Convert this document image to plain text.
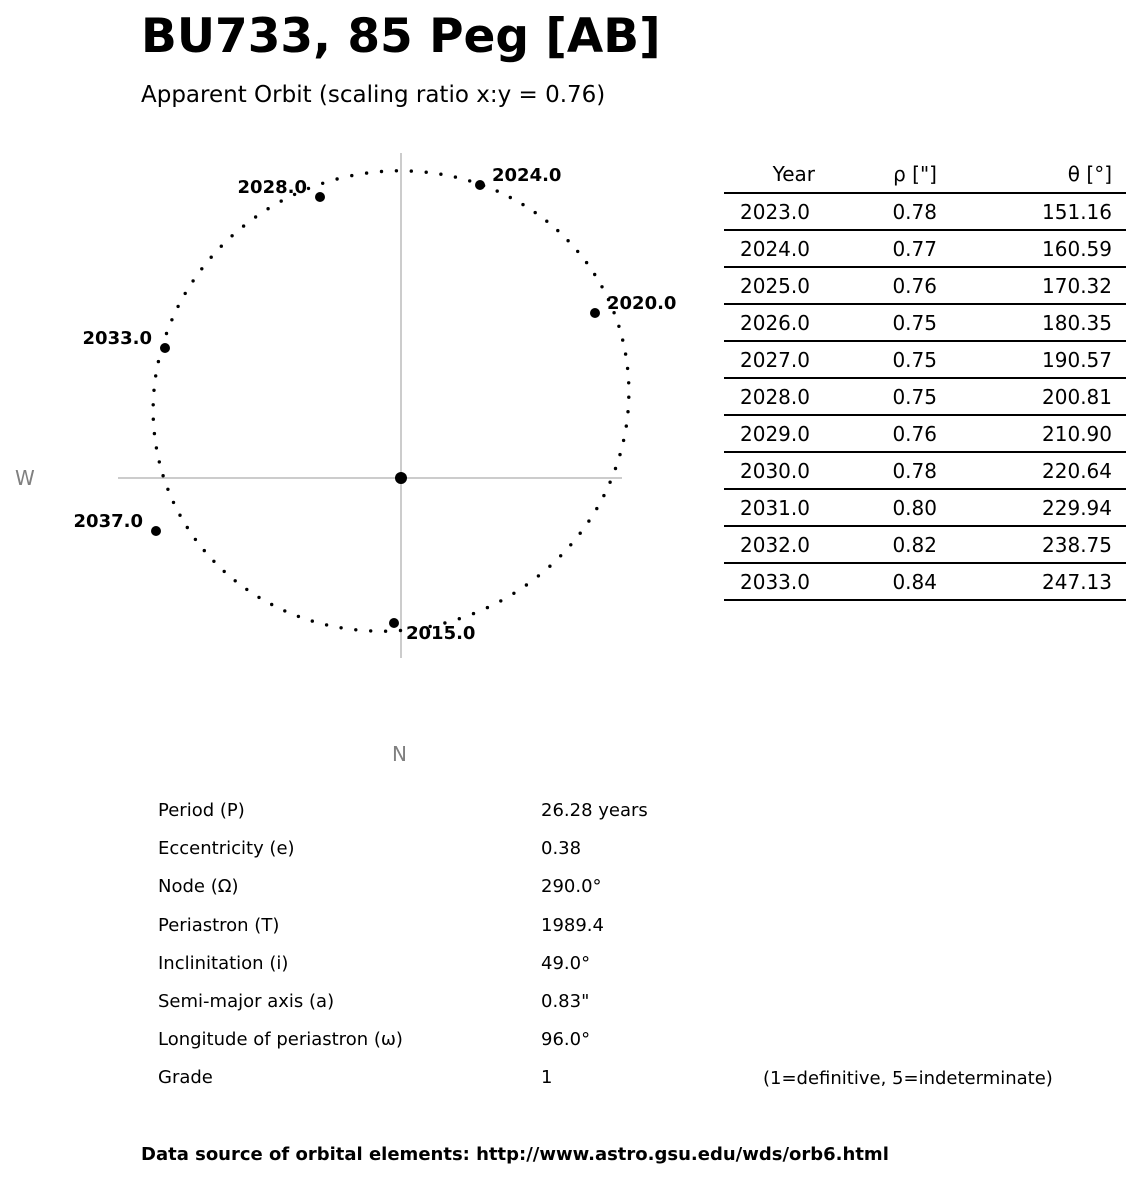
BU733, 85 Peg [AB]
Apparent Orbit (scaling ratio x:y = 0.76)
2015.0
2020.0
2024.0
2028.0
2033.0
2037.0
W
N
Year	ρ ["]	θ [°]
2023.0	0.78	151.16
2024.0	0.77	160.59
2025.0	0.76	170.32
2026.0	0.75	180.35
2027.0	0.75	190.57
2028.0	0.75	200.81
2029.0	0.76	210.90
2030.0	0.78	220.64
2031.0	0.80	229.94
2032.0	0.82	238.75
2033.0	0.84	247.13
Period (P)	26.28 years
Eccentricity (e)	0.38
Node (Ω)	290.0°
Periastron (T)	1989.4
Inclinitation (i)	49.0°
Semi-major axis (a)	0.83"
Longitude of periastron (ω)	96.0°
Grade	1	(1=definitive, 5=indeterminate)
Data source of orbital elements: http://www.astro.gsu.edu/wds/orb6.html
